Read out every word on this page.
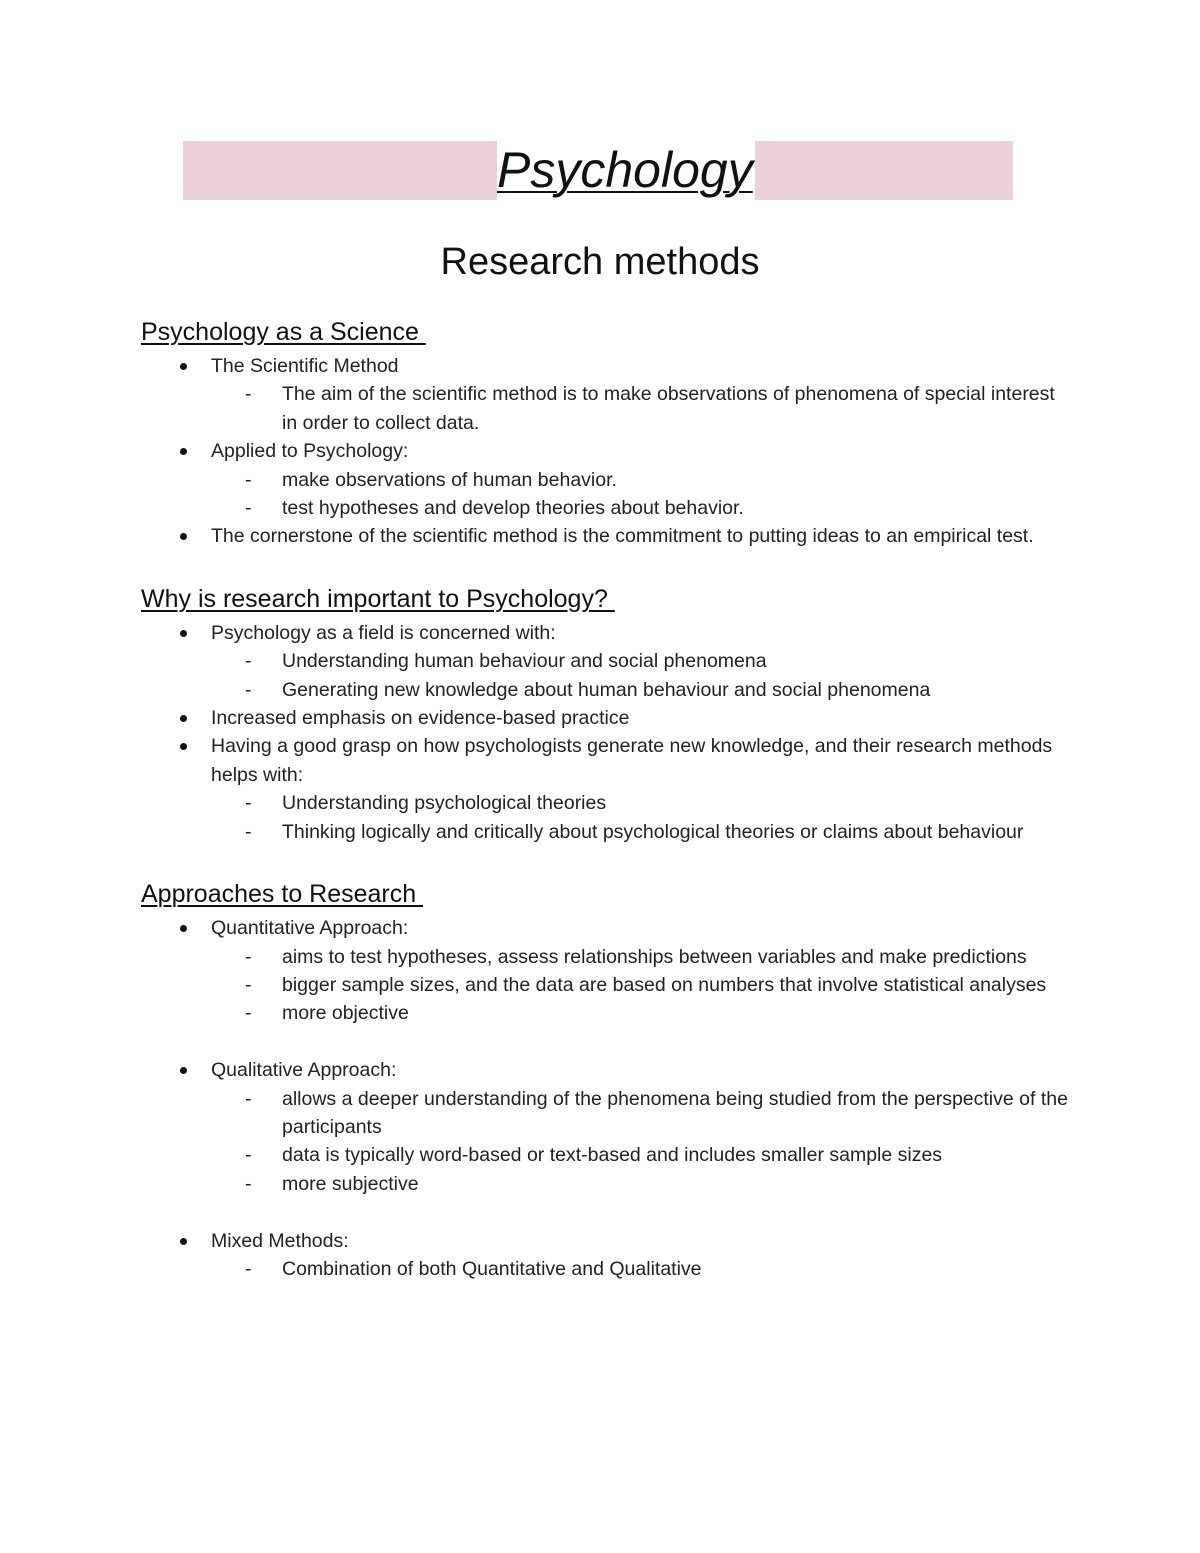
Psychology
Research methods
Psychology as a Science
The Scientific Method
- The aim of the scientific method is to make observations of phenomena of special interest in order to collect data.
Applied to Psychology:
- make observations of human behavior.
- test hypotheses and develop theories about behavior.
The cornerstone of the scientific method is the commitment to putting ideas to an empirical test.
Why is research important to Psychology?
Psychology as a field is concerned with:
- Understanding human behaviour and social phenomena
- Generating new knowledge about human behaviour and social phenomena
Increased emphasis on evidence-based practice
Having a good grasp on how psychologists generate new knowledge, and their research methods helps with:
- Understanding psychological theories
- Thinking logically and critically about psychological theories or claims about behaviour
Approaches to Research
Quantitative Approach:
- aims to test hypotheses, assess relationships between variables and make predictions
- bigger sample sizes, and the data are based on numbers that involve statistical analyses
- more objective
Qualitative Approach:
- allows a deeper understanding of the phenomena being studied from the perspective of the participants
- data is typically word-based or text-based and includes smaller sample sizes
- more subjective
Mixed Methods:
- Combination of both Quantitative and Qualitative
